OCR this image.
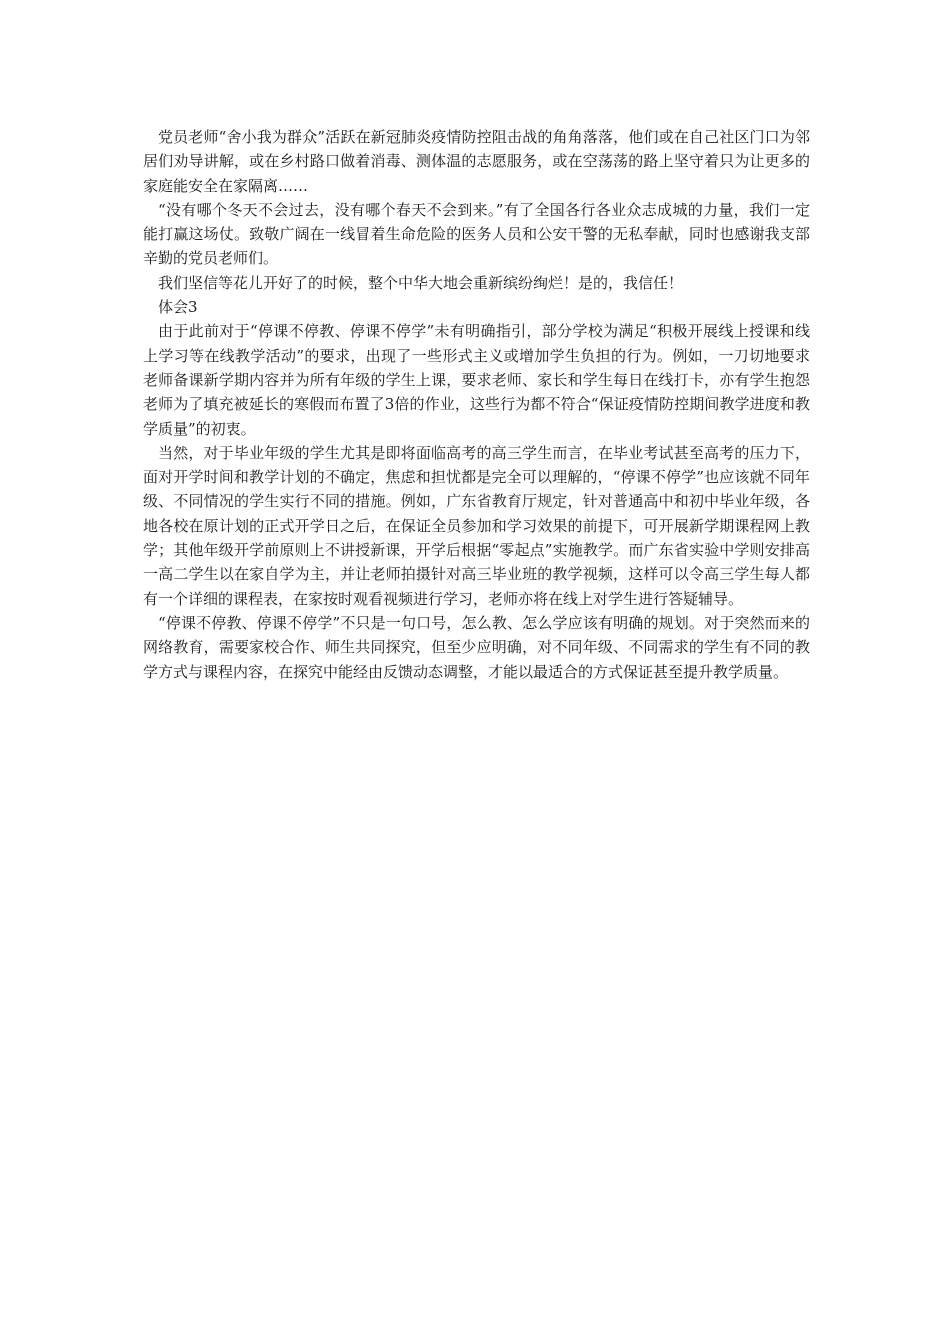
党员老师“舍小我为群众”活跃在新冠肺炎疫情防控阻击战的角角落落，他们或在自己社区门口为邻居们劝导讲解，或在乡村路口做着消毒、测体温的志愿服务，或在空荡荡的路上坚守着只为让更多的家庭能安全在家隔离……

“没有哪个冬天不会过去，没有哪个春天不会到来。”有了全国各行各业众志成城的力量，我们一定能打赢这场仗。致敬广阔在一线冒着生命危险的医务人员和公安干警的无私奉献，同时也感谢我支部辛勤的党员老师们。

我们坚信等花儿开好了的时候，整个中华大地会重新缤纷绚烂！是的，我信任！

体会3

由于此前对于“停课不停教、停课不停学”未有明确指引，部分学校为满足“积极开展线上授课和线上学习等在线教学活动”的要求，出现了一些形式主义或增加学生负担的行为。例如，一刀切地要求老师备课新学期内容并为所有年级的学生上课，要求老师、家长和学生每日在线打卡，亦有学生抱怨老师为了填充被延长的寒假而布置了3倍的作业，这些行为都不符合“保证疫情防控期间教学进度和教学质量”的初衷。

当然，对于毕业年级的学生尤其是即将面临高考的高三学生而言，在毕业考试甚至高考的压力下，面对开学时间和教学计划的不确定，焦虑和担忧都是完全可以理解的，“停课不停学”也应该就不同年级、不同情况的学生实行不同的措施。例如，广东省教育厅规定，针对普通高中和初中毕业年级，各地各校在原计划的正式开学日之后，在保证全员参加和学习效果的前提下，可开展新学期课程网上教学；其他年级开学前原则上不讲授新课，开学后根据“零起点”实施教学。而广东省实验中学则安排高一高二学生以在家自学为主，并让老师拍摄针对高三毕业班的教学视频，这样可以令高三学生每人都有一个详细的课程表，在家按时观看视频进行学习，老师亦将在线上对学生进行答疑辅导。

“停课不停教、停课不停学”不只是一句口号，怎么教、怎么学应该有明确的规划。对于突然而来的网络教育，需要家校合作、师生共同探究，但至少应明确，对不同年级、不同需求的学生有不同的教学方式与课程内容，在探究中能经由反馈动态调整，才能以最适合的方式保证甚至提升教学质量。
